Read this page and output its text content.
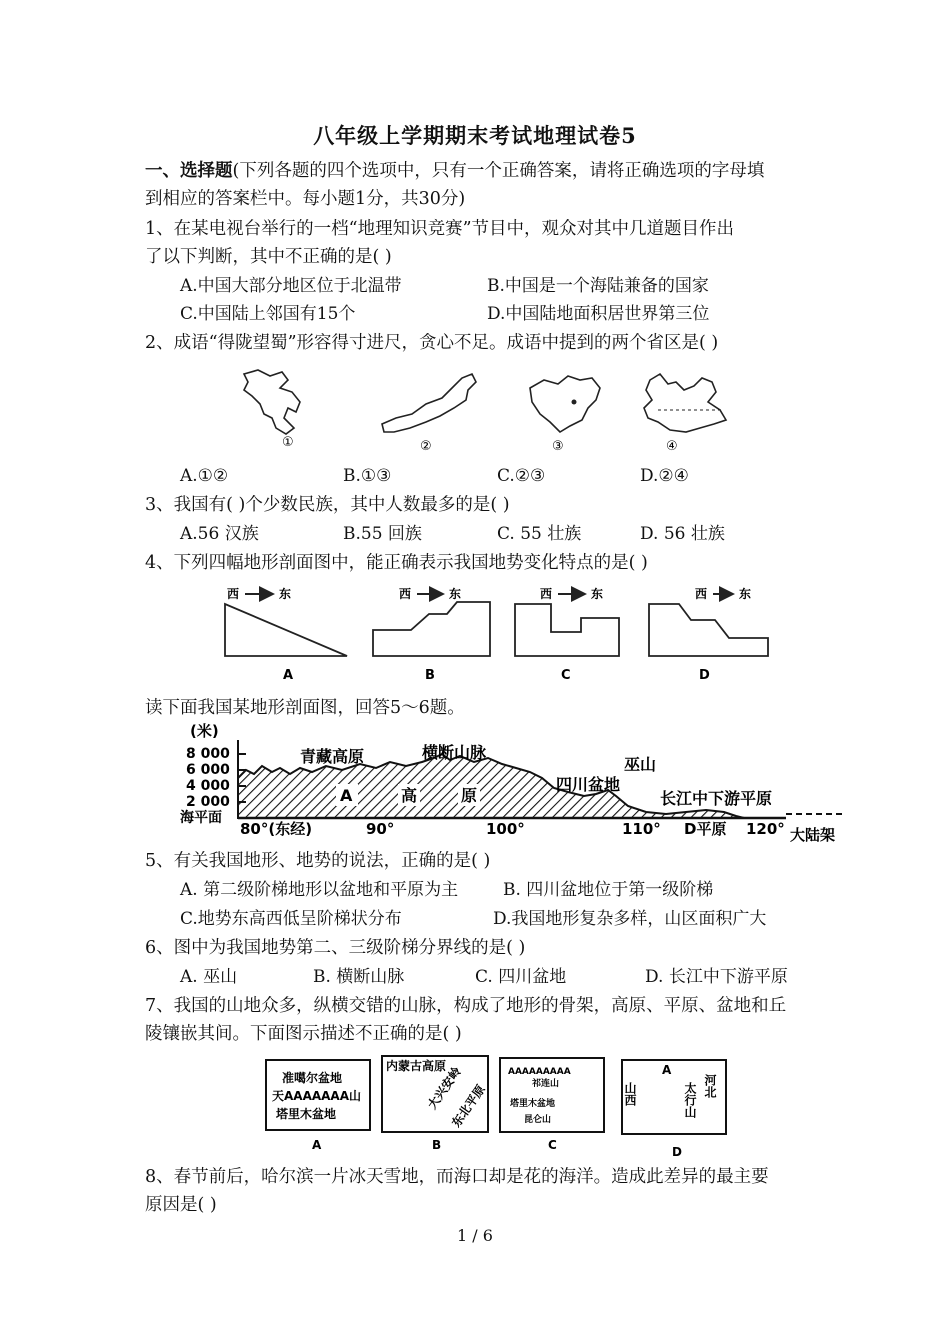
八年级上学期期末考试地理试卷5
一、选择题(下列各题的四个选项中，只有一个正确答案，请将正确选项的字母填
到相应的答案栏中。每小题1分，共30分)
1、在某电视台举行的一档“地理知识竞赛”节目中，观众对其中几道题目作出
了以下判断，其中不正确的是( )
A.中国大部分地区位于北温带	B.中国是一个海陆兼备的国家
C.中国陆上邻国有15个	D.中国陆地面积居世界第三位
2、成语“得陇望蜀”形容得寸进尺，贪心不足。成语中提到的两个省区是( )
①	②	③	④
A.①②	B.①③	C.②③	D.②④
3、我国有( )个少数民族，其中人数最多的是( )
A.56 汉族	B.55 回族	C. 55 壮族	D. 56 壮族
4、下列四幅地形剖面图中，能正确表示我国地势变化特点的是( )
西	东
A
西	东
B
西	东
C
西	东
D
读下面我国某地形剖面图，回答5～6题。
(米)
8 000
6 000
4 000
2 000
海平面
青藏高原	横断山脉
巫山
四川盆地
长江中下游平原
A	高	原
80°(东经)	90°	100°	110° D平原 120° 大陆架
5、有关我国地形、地势的说法，正确的是( )
A. 第二级阶梯地形以盆地和平原为主	B. 四川盆地位于第一级阶梯
C.地势东高西低呈阶梯状分布	D.我国地形复杂多样，山区面积广大
6、图中为我国地势第二、三级阶梯分界线的是( )
A. 巫山	B. 横断山脉	C. 四川盆地	D. 长江中下游平原
7、我国的山地众多，纵横交错的山脉，构成了地形的骨架，高原、平原、盆地和丘
陵镶嵌其间。下面图示描述不正确的是( )
准噶尔盆地
天AAAAAAA山
塔里木盆地
A
内蒙古高原
大兴安岭
东北平原
B
AAAAAAAAA
祁连山
塔里木盆地
昆仑山
C
山西
A
太行山 河北
D
8、春节前后，哈尔滨一片冰天雪地，而海口却是花的海洋。造成此差异的最主要
原因是( )
1 / 6
